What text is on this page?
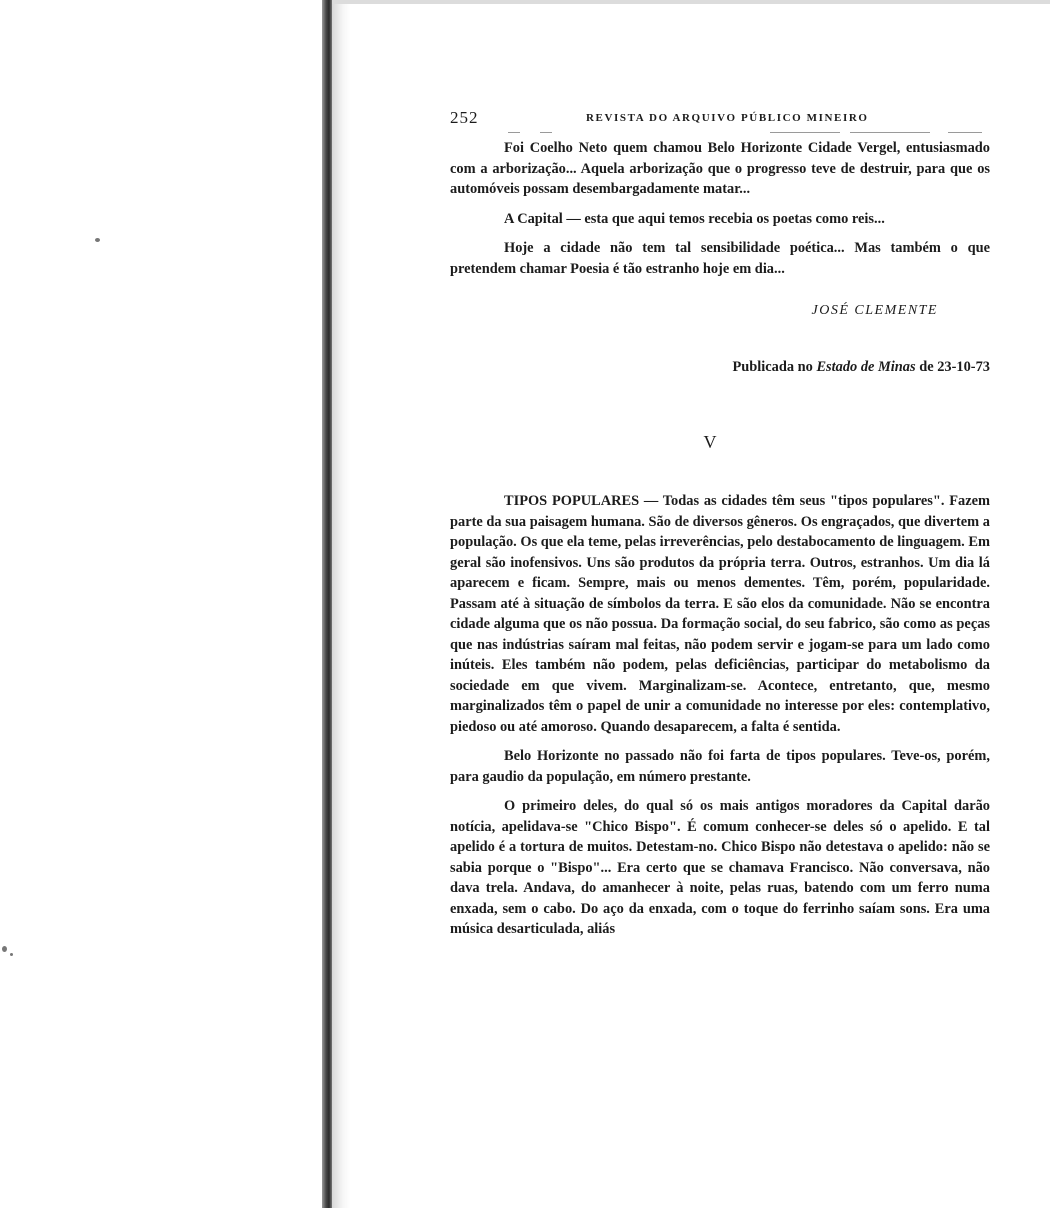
252	REVISTA DO ARQUIVO PÚBLICO MINEIRO

Foi Coelho Neto quem chamou Belo Horizonte Cidade Vergel, entusiasmado com a arborização... Aquela arborização que o progresso teve de destruir, para que os automóveis possam desembargadamente matar...

A Capital — esta que aqui temos recebia os poetas como reis...

Hoje a cidade não tem tal sensibilidade poética... Mas também o que pretendem chamar Poesia é tão estranho hoje em dia...

JOSÉ CLEMENTE
Publicada no Estado de Minas de 23-10-73
V

TIPOS POPULARES — Todas as cidades têm seus "tipos populares". Fazem parte da sua paisagem humana. São de diversos gêneros. Os engraçados, que divertem a população. Os que ela teme, pelas irreverências, pelo destabocamento de linguagem. Em geral são inofensivos. Uns são produtos da própria terra. Outros, estranhos. Um dia lá aparecem e ficam. Sempre, mais ou menos dementes. Têm, porém, popularidade. Passam até à situação de símbolos da terra. E são elos da comunidade. Não se encontra cidade alguma que os não possua. Da formação social, do seu fabrico, são como as peças que nas indústrias saíram mal feitas, não podem servir e jogam-se para um lado como inúteis. Eles também não podem, pelas deficiências, participar do metabolismo da sociedade em que vivem. Marginalizam-se. Acontece, entretanto, que, mesmo marginalizados têm o papel de unir a comunidade no interesse por eles: contemplativo, piedoso ou até amoroso. Quando desaparecem, a falta é sentida.

Belo Horizonte no passado não foi farta de tipos populares. Teve-os, porém, para gaudio da população, em número prestante.

O primeiro deles, do qual só os mais antigos moradores da Capital darão notícia, apelidava-se "Chico Bispo". É comum conhecer-se deles só o apelido. E tal apelido é a tortura de muitos. Detestam-no. Chico Bispo não detestava o apelido: não se sabia porque o "Bispo"... Era certo que se chamava Francisco. Não conversava, não dava trela. Andava, do amanhecer à noite, pelas ruas, batendo com um ferro numa enxada, sem o cabo. Do aço da enxada, com o toque do ferrinho saíam sons. Era uma música desarticulada, aliás
